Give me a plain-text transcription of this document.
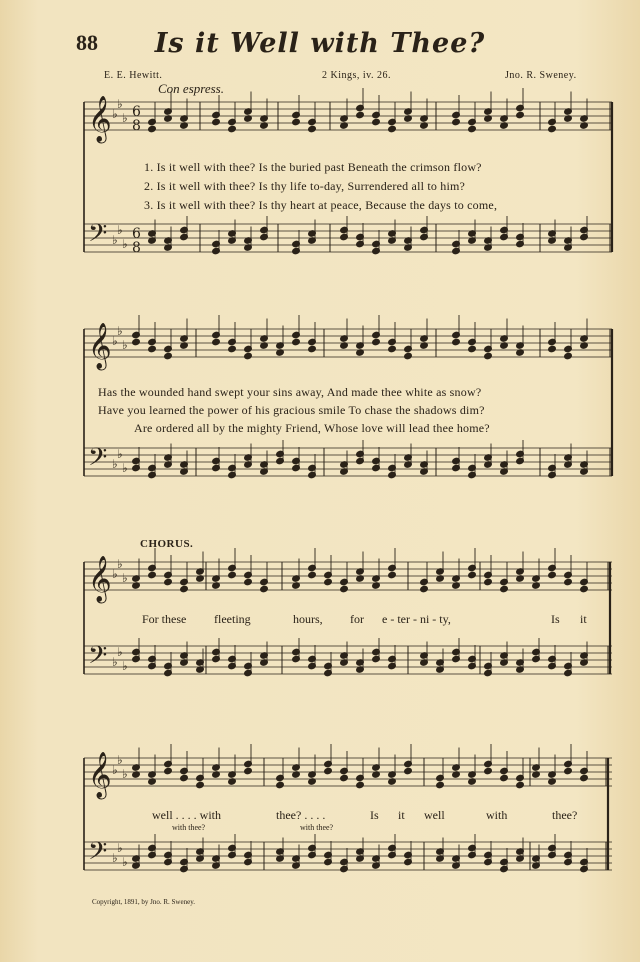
88	Is it Well with Thee?
E. E. Hewitt.	2 Kings, iv. 26.	Jno. R. Sweney.
Con espress.
𝄞
𝄢
♭
♭
♭
♭
♭
♭
6
8
6
8
𝄞
𝄢
♭
♭
♭
♭
♭
♭
𝄞
𝄢
♭
♭
♭
♭
♭
♭
𝄞
𝄢
♭
♭
♭
♭
♭
♭
1. Is it well with thee? Is the buried past Beneath the crimson flow?
2. Is it well with thee? Is thy life to-day, Surrendered all to him?
3. Is it well with thee? Is thy heart at peace, Because the days to come,
Has the wounded hand swept your sins away, And made thee white as snow?
Have you learned the power of his gracious smile To chase the shadows dim?
Are ordered all by the mighty Friend, Whose love will lead thee home?
CHORUS.
For these fleeting	hours, for e - ter - ni - ty,	Is it
well . . . . with	thee? . . . .	Is it well	with	thee?
with thee?	with thee?
Copyright, 1891, by Jno. R. Sweney.
